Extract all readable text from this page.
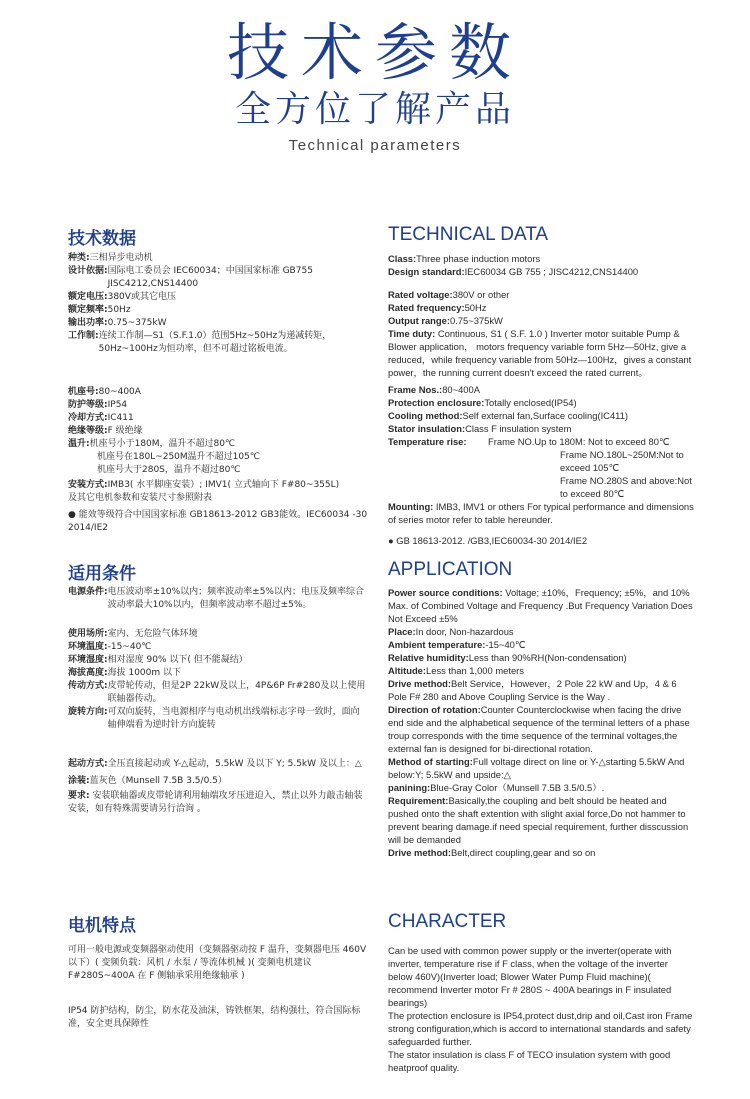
技术参数
全方位了解产品
Technical parameters
技术数据
种类: 三相异步电动机
设计依据: 国际电工委员会 IEC60034；中国国家标准 GB755 JISC4212,CNS14400
额定电压: 380V或其它电压
额定频率: 50Hz
输出功率: 0.75~375kW
工作制: 连续工作制—S1（S.F.1.0）范围5Hz~50Hz为递减转矩，50Hz~100Hz为恒功率，但不可超过铭板电流。
机座号: 80~400A
防护等级: IP54
冷却方式: IC411
绝缘等级: F 级绝缘
温升: 机座号小于180M，温升不超过80℃
机座号在180L~250M温升不超过105℃
机座号大于280S，温升不超过80℃
安装方式: IMB3( 水平脚座安装）; IMV1( 立式轴向下 F#80~355L)
及其它电机参数和安装尺寸参照附表
● 能效等级符合中国国家标准 GB18613-2012 GB3能效。IEC60034 -30 2014/IE2
TECHNICAL DATA
Class:Three phase induction motors
Design standard:IEC60034 GB 755 ; JISC4212,CNS14400
Rated voltage:380V or other
Rated frequency:50Hz
Output range:0.75~375kW
Time duty: Continuous, S1 ( S.F. 1.0 ) Inverter motor suitable Pump & Blower application， motors frequency variable form 5Hz—50Hz, give a reduced，while frequency variable from 50Hz—100Hz，gives a constant power，the running current doesn't exceed the rated current。
Frame Nos.:80~400A
Protection enclosure:Totally enclosed(IP54)
Cooling method:Self external fan,Surface cooling(IC411)
Stator insulation:Class F insulation system
Temperature rise:	Frame NO.Up to 180M: Not to exceed 80℃
Frame NO.180L~250M:Not to exceed 105℃
Frame NO.280S and above:Not to exceed 80℃
Mounting: IMB3, IMV1 or others For typical performance and dimensions of series motor refer to table hereunder.
● GB 18613-2012. /GB3,IEC60034-30 2014/IE2
适用条件
电源条件: 电压波动率±10%以内；频率波动率±5%以内；电压及频率综合波动率最大10%以内，但频率波动率不超过±5%。
使用场所: 室内、无危险气体环境
环境温度: -15~40℃
环境湿度: 相对湿度 90% 以下( 但不能凝结）
海拔高度: 海拔 1000m 以下
传动方式: 皮带轮传动，但是2P 22kW及以上，4P&6P Fr#280及以上使用联轴器传动。
旋转方向: 可双向旋转，当电源相序与电动机出线端标志字母一致时，面向轴伸端看为逆时针方向旋转
起动方式: 全压直接起动或 Y-△起动，5.5kW 及以下 Y; 5.5kW 及以上：△
涂装: 蓝灰色（Munsell 7.5B 3.5/0.5）
要求: 安装联轴器或皮带轮请利用轴端攻牙压进迫入，禁止以外力敲击轴装安装，如有特殊需要请另行洽询 。
APPLICATION
Power source conditions: Voltage; ±10%，Frequency; ±5%，and 10% Max. of Combined Voltage and Frequency .But Frequency Variation Does Not Exceed ±5%
Place:In door, Non-hazardous
Ambient temperature:-15~40℃
Relative humidity:Less than 90%RH(Non-condensation)
Altitude:Less than 1,000 meters
Drive method:Belt Service，However，2 Pole 22 kW and Up，4 & 6 Pole F# 280 and Above Coupling Service is the Way .
Direction of rotation:Counter Counterclockwise when facing the drive end side and the alphabetical sequence of the terminal letters of a phase troup corresponds with the time sequence of the terminal voltages,the external fan is designed for bi-directional rotation.
Method of starting:Full voltage direct on line or Y-△starting 5.5kW And below:Y; 5.5kW and upside:△
panining:Blue-Gray Color（Munsell 7.5B 3.5/0.5）.
Requirement:Basically,the coupling and belt should be heated and pushed onto the shaft extention with slight axial force,Do not hammer to prevent bearing damage.if need special requirement, further disscussion will be demanded
Drive method:Belt,direct coupling,gear and so on
电机特点

可用一般电源或变频器驱动使用（变频器驱动按 F 温升，变频器电压 460V 以下）( 变频负载：风机 / 水泵 / 等流体机械 )( 变频电机建议 F#280S~400A 在 F 侧轴承采用绝缘轴承 )

IP54 防护结构，防尘，防水花及油沫，铸铁框架，结构强壮，符合国际标准，安全更具保障性

CHARACTER

Can be used with common power supply or the inverter(operate with inverter, temperature rise if F class, when the voltage of the inverter below 460V)(Inverter load; Blower Water Pump Fluid machine)( recommend Inverter motor Fr # 280S ~ 400A bearings in F insulated bearings)

The protection enclosure is IP54,protect dust,drip and oil,Cast iron Frame strong configuration,which is accord to international standards and safety safeguarded further.

The stator insulation is class F of TECO insulation system with good heatproof quality.
